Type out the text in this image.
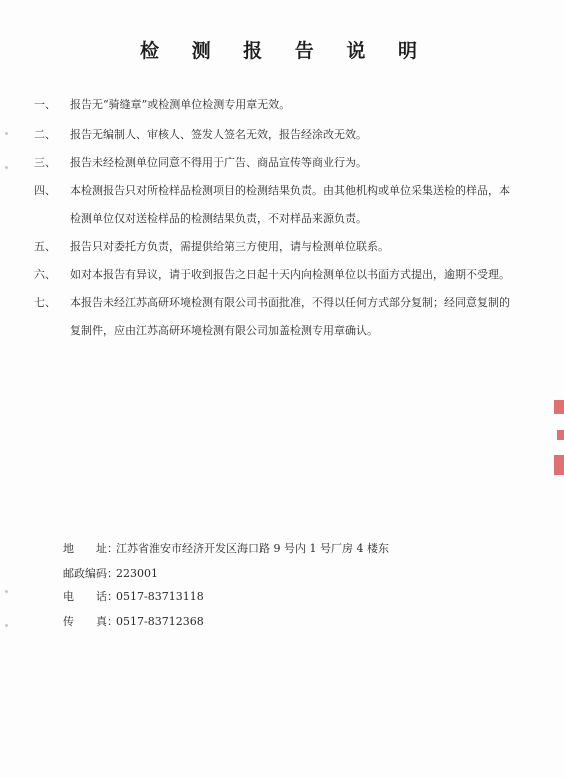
检 测 报 告 说 明
一、	报告无“骑缝章”或检测单位检测专用章无效。
二、	报告无编制人、审核人、签发人签名无效，报告经涂改无效。
三、	报告未经检测单位同意不得用于广告、商品宣传等商业行为。
四、	本检测报告只对所检样品检测项目的检测结果负责。由其他机构或单位采集送检的样品，本
检测单位仅对送检样品的检测结果负责，不对样品来源负责。
五、	报告只对委托方负责，需提供给第三方使用，请与检测单位联系。
六、	如对本报告有异议，请于收到报告之日起十天内向检测单位以书面方式提出，逾期不受理。
七、	本报告未经江苏高研环境检测有限公司书面批准，不得以任何方式部分复制；经同意复制的
复制件，应由江苏高研环境检测有限公司加盖检测专用章确认。
地　　址：江苏省淮安市经济开发区海口路 9 号内 1 号厂房 4 楼东
邮政编码：223001
电　　话：0517-83713118
传　　真：0517-83712368
